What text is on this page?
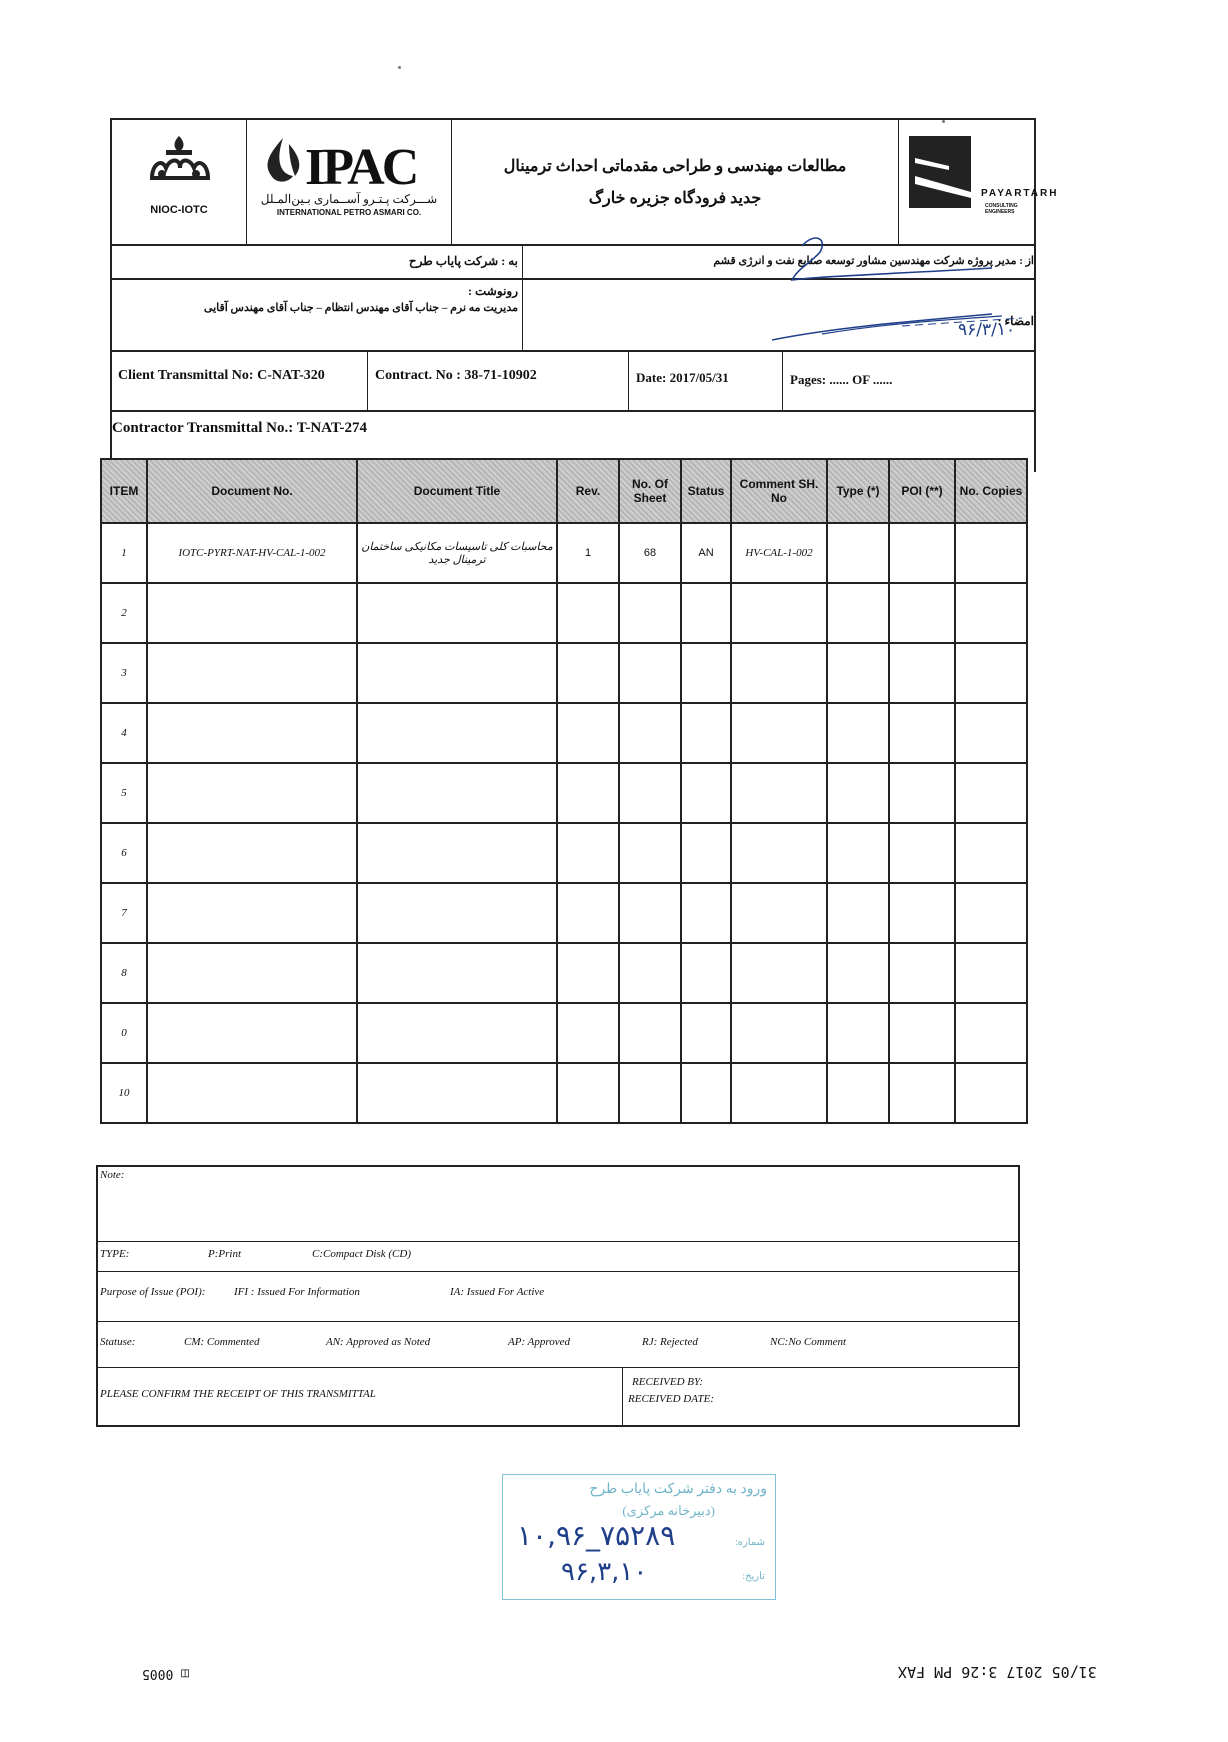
NIOC-IOTC
IPAC
شـــرکت پـتـرو آســماری بـین‌المـلل
INTERNATIONAL PETRO ASMARI CO.
مطالعات مهندسی و طراحی مقدماتی احداث ترمینال
جدید فرودگاه جزیره خارگ	PAYARTARH
CONSULTING ENGINEERS
به : شرکت پایاب طرح	از : مدیر پروژه شرکت مهندسین مشاور توسعه صنایع نفت و انرژی قشم
رونوشت :
مدیریت مه نرم – جناب آقای مهندس انتظام – جناب آقای مهندس آقایی
امضاء :
۹۶/۳/۱۰
Client Transmittal No: C-NAT-320	Contract. No : 38-71-10902	Date: 2017/05/31	Pages: ...... OF ......
Contractor Transmittal No.: T-NAT-274
ITEM	Document No.	Document Title	Rev.	No. Of Sheet	Status	Comment SH. No	Type (*)	POI (**)	No. Copies
1	IOTC-PYRT-NAT-HV-CAL-1-002	محاسبات کلی تاسیسات مکانیکی ساختمان ترمینال جدید	1	68	AN	HV-CAL-1-002			
2									
3									
4									
5									
6									
7									
8									
0									
10									
Note:
TYPE:	P:Print	C:Compact Disk (CD)
Purpose of Issue (POI):	IFI : Issued For Information	IA: Issued For Active
Statuse:	CM: Commented	AN: Approved as Noted	AP: Approved	RJ: Rejected	NC:No Comment
PLEASE CONFIRM THE RECEIPT OF THIS TRANSMITTAL
RECEIVED BY:
RECEIVED DATE:
ورود به دفتر شرکت پایاب طرح
(دبیرخانه مرکزی)
شماره:
تاریخ:
۱۰,۹۶_۷۵۲۸۹
۹۶,۳,۱۰
◫ 0005	31/05 2017 3:26 PM FAX
